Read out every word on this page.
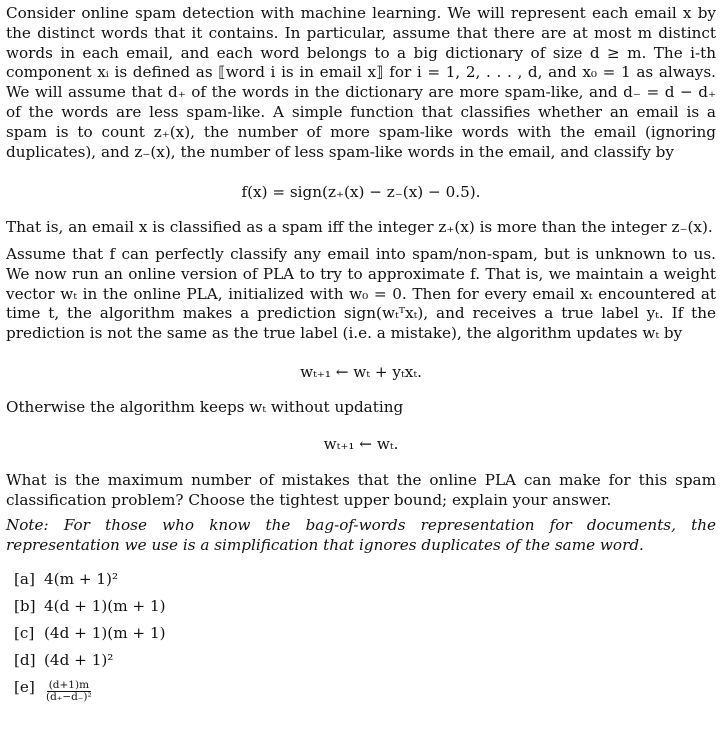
Consider online spam detection with machine learning. We will represent each email x by the distinct words that it contains. In particular, assume that there are at most m distinct words in each email, and each word belongs to a big dictionary of size d ≥ m. The i-th component xᵢ is defined as ⟦word i is in email x⟧ for i = 1, 2, . . . , d, and x₀ = 1 as always. We will assume that d₊ of the words in the dictionary are more spam-like, and d₋ = d − d₊ of the words are less spam-like. A simple function that classifies whether an email is a spam is to count z₊(x), the number of more spam-like words with the email (ignoring duplicates), and z₋(x), the number of less spam-like words in the email, and classify by

f(x) = sign(z₊(x) − z₋(x) − 0.5).

That is, an email x is classified as a spam iff the integer z₊(x) is more than the integer z₋(x).

Assume that f can perfectly classify any email into spam/non-spam, but is unknown to us. We now run an online version of PLA to try to approximate f. That is, we maintain a weight vector wₜ in the online PLA, initialized with w₀ = 0. Then for every email xₜ encountered at time t, the algorithm makes a prediction sign(wₜᵀxₜ), and receives a true label yₜ. If the prediction is not the same as the true label (i.e. a mistake), the algorithm updates wₜ by

wₜ₊₁ ← wₜ + yₜxₜ.

Otherwise the algorithm keeps wₜ without updating

wₜ₊₁ ← wₜ.

What is the maximum number of mistakes that the online PLA can make for this spam classification problem? Choose the tightest upper bound; explain your answer.

Note: For those who know the bag-of-words representation for documents, the representation we use is a simplification that ignores duplicates of the same word.

[a] 4(m + 1)²
[b] 4(d + 1)(m + 1)
[c] (4d + 1)(m + 1)
[d] (4d + 1)²
$[e] \frac{(d+1)m}{\text{(d₊−d₋)²}}$
